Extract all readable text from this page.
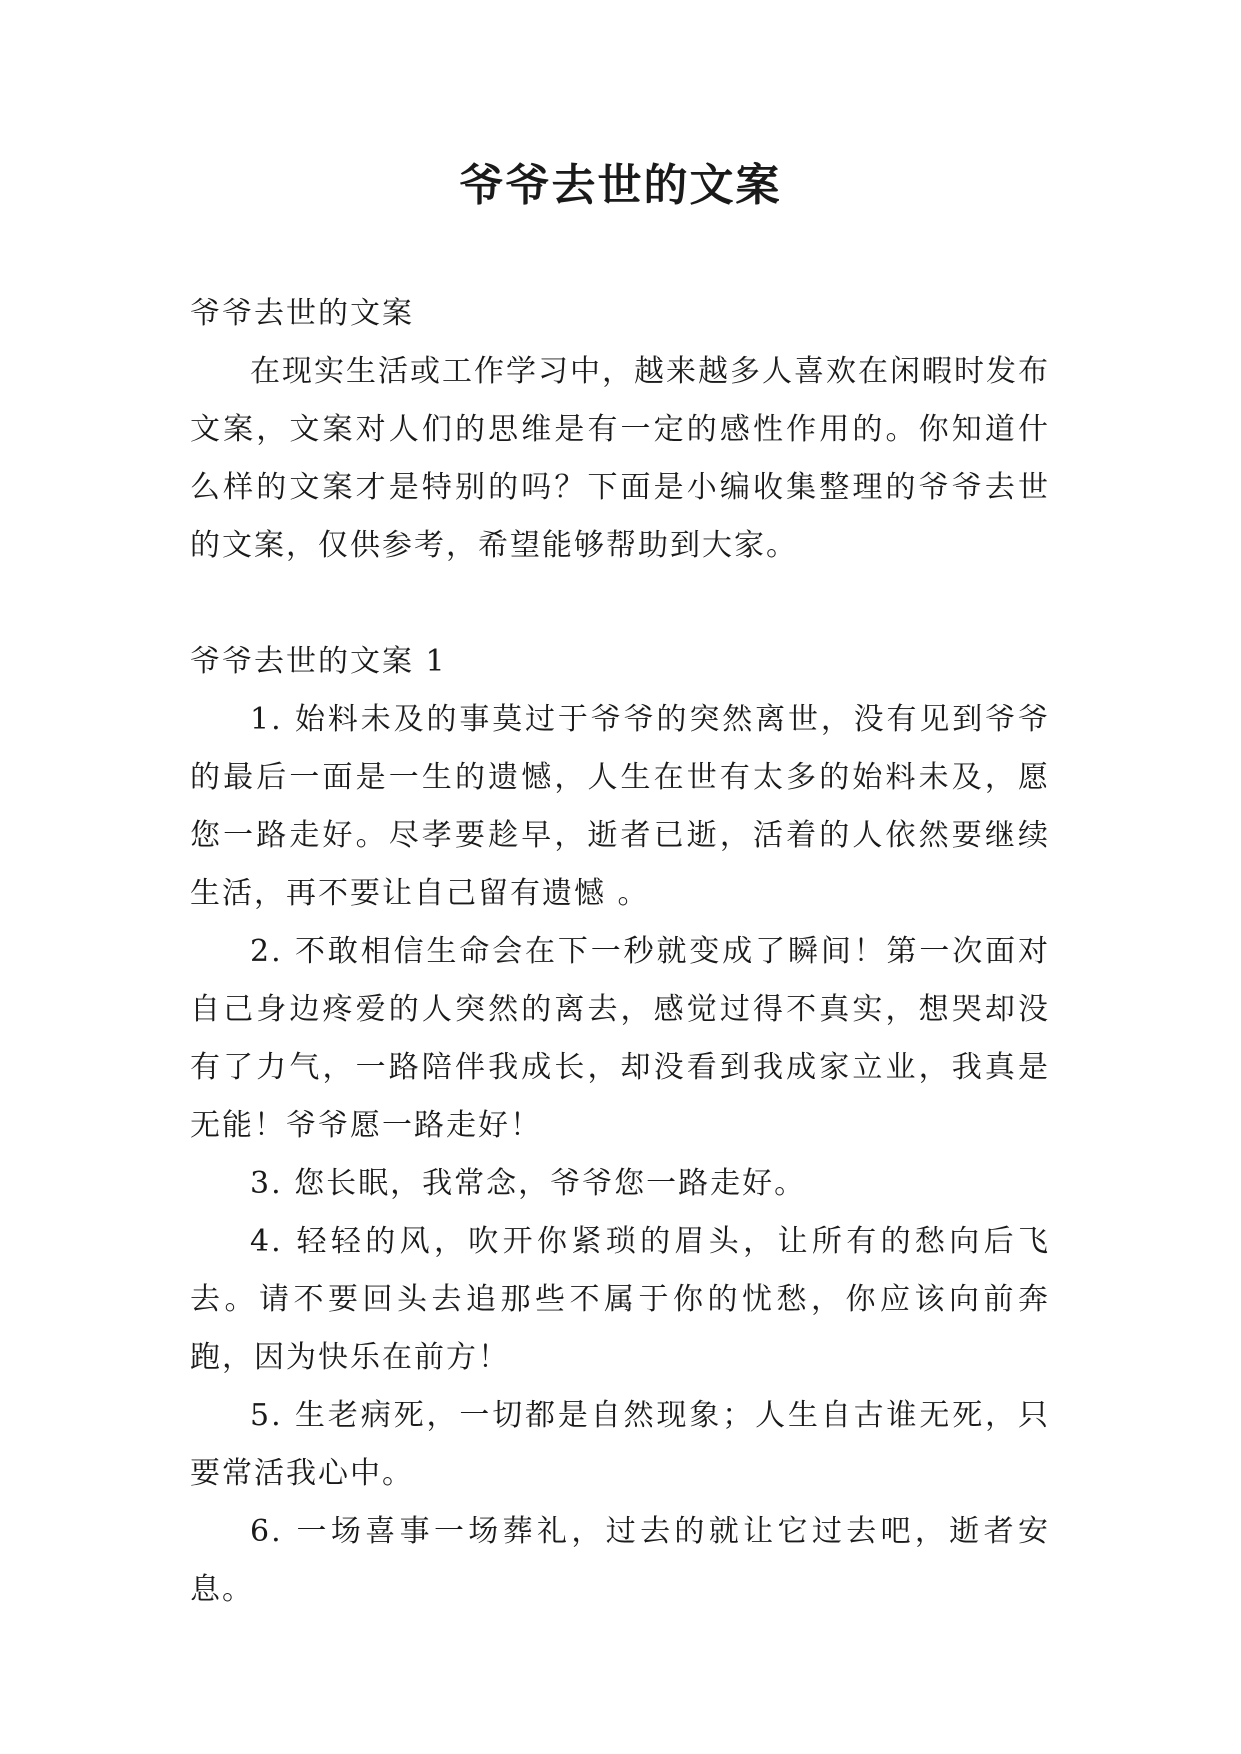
爷爷去世的文案

爷爷去世的文案

在现实生活或工作学习中，越来越多人喜欢在闲暇时发布文案，文案对人们的思维是有一定的感性作用的。你知道什么样的文案才是特别的吗？下面是小编收集整理的爷爷去世的文案，仅供参考，希望能够帮助到大家。

爷爷去世的文案 1

1. 始料未及的事莫过于爷爷的突然离世，没有见到爷爷的最后一面是一生的遗憾，人生在世有太多的始料未及，愿您一路走好。尽孝要趁早，逝者已逝，活着的人依然要继续生活，再不要让自己留有遗憾 。

2. 不敢相信生命会在下一秒就变成了瞬间！第一次面对自己身边疼爱的人突然的离去，感觉过得不真实，想哭却没有了力气，一路陪伴我成长，却没看到我成家立业，我真是无能！爷爷愿一路走好！

3. 您长眠，我常念，爷爷您一路走好。

4. 轻轻的风，吹开你紧琐的眉头，让所有的愁向后飞去。请不要回头去追那些不属于你的忧愁，你应该向前奔跑，因为快乐在前方！

5. 生老病死，一切都是自然现象；人生自古谁无死，只要常活我心中。

6. 一场喜事一场葬礼，过去的就让它过去吧，逝者安息。
